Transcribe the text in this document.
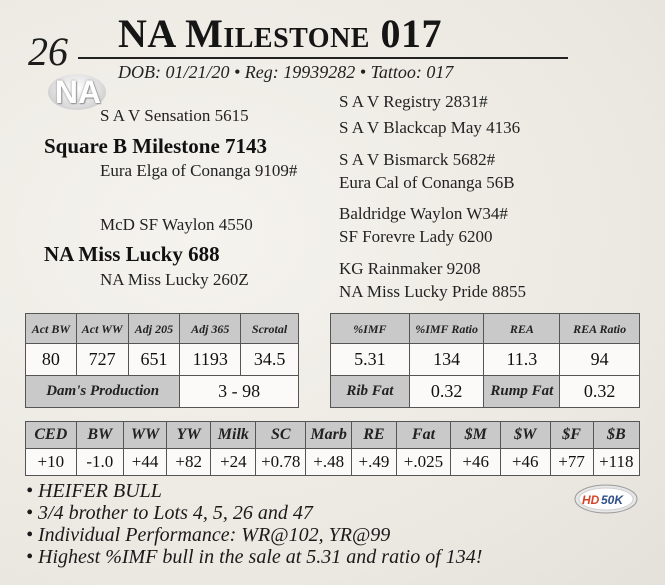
26 NA Milestone 017
NA
DOB: 01/21/20 • Reg: 19939282 • Tattoo: 017
S A V Sensation 5615
Square B Milestone 7143
Eura Elga of Conanga 9109#
McD SF Waylon 4550
NA Miss Lucky 688
NA Miss Lucky 260Z
S A V Registry 2831#
S A V Blackcap May 4136
S A V Bismarck 5682#
Eura Cal of Conanga 56B
Baldridge Waylon W34#
SF Forevre Lady 6200
KG Rainmaker 9208
NA Miss Lucky Pride 8855
Act BW	Act WW	Adj 205	Adj 365	Scrotal
80	727	651	1193	34.5
Dam's Production			3 - 98	
%IMF	%IMF Ratio	REA	REA Ratio
5.31	134	11.3	94
Rib Fat	0.32	Rump Fat	0.32
CED	BW	WW	YW	Milk	SC	Marb	RE	Fat	$M	$W	$F	$B
+10	-1.0	+44	+82	+24	+0.78	+.48	+.49	+.025	+46	+46	+77	+118
• HEIFER BULL
• 3/4 brother to Lots 4, 5, 26 and 47
• Individual Performance: WR@102, YR@99
• Highest %IMF bull in the sale at 5.31 and ratio of 134!
HD 50K
